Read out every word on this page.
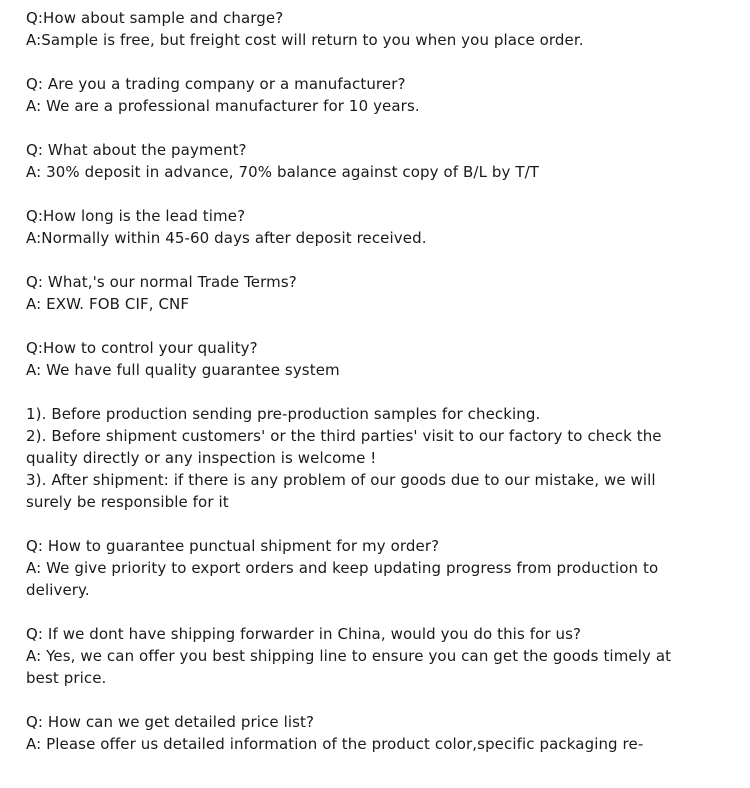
Q:How about sample and charge?
A:Sample is free, but freight cost will return to you when you place order.
Q: Are you a trading company or a manufacturer?
A: We are a professional manufacturer for 10 years.
Q: What about the payment?
A: 30% deposit in advance, 70% balance against copy of B/L by T/T
Q:How long is the lead time?
A:Normally within 45-60 days after deposit received.
Q: What,'s our normal Trade Terms?
A: EXW. FOB CIF, CNF
Q:How to control your quality?
A: We have full quality guarantee system
1). Before production sending pre-production samples for checking.
2). Before shipment customers' or the third parties' visit to our factory to check the quality directly or any inspection is welcome !
3). After shipment: if there is any problem of our goods due to our mistake, we will surely be responsible for it
Q: How to guarantee punctual shipment for my order?
A: We give priority to export orders and keep updating progress from production to delivery.
Q: If we dont have shipping forwarder in China, would you do this for us?
A: Yes, we can offer you best shipping line to ensure you can get the goods timely at best price.
Q: How can we get detailed price list?
A: Please offer us detailed information of the product color,specific packaging re-
